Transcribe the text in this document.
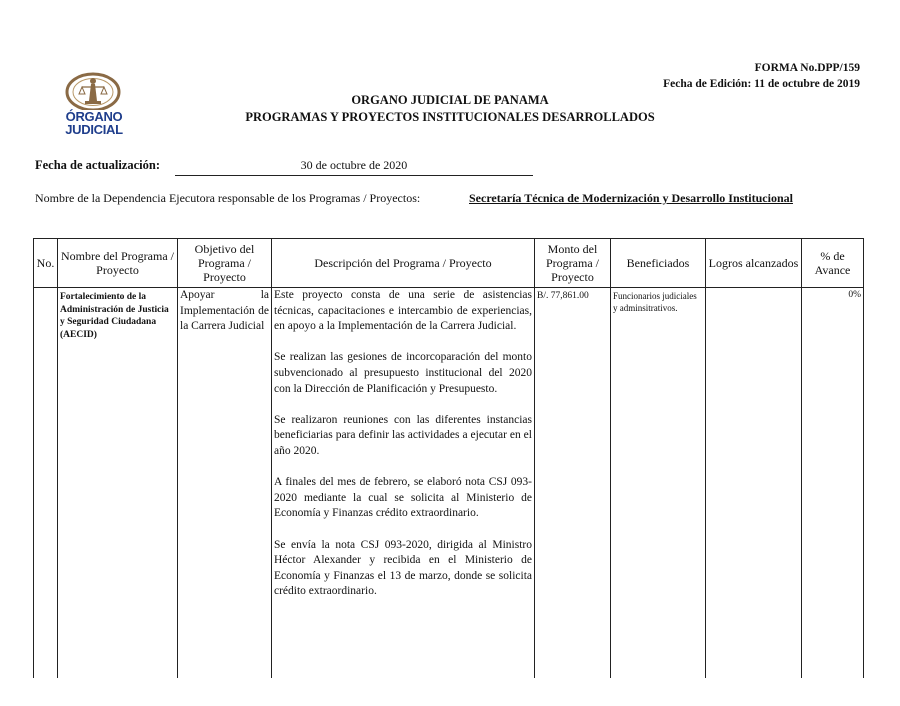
ÓRGANO
JUDICIAL
FORMA No.DPP/159
Fecha de Edición: 11 de octubre de 2019
ORGANO JUDICIAL DE PANAMA
PROGRAMAS Y PROYECTOS INSTITUCIONALES DESARROLLADOS
Fecha de actualización:	30 de octubre de 2020
Nombre de la Dependencia Ejecutora responsable de los Programas / Proyectos:	Secretaría Técnica de Modernización y Desarrollo Institucional
No.	Nombre del Programa / Proyecto	Objetivo del Programa / Proyecto	Descripción del Programa / Proyecto	Monto del Programa / Proyecto	Beneficiados	Logros alcanzados	% de Avance
	Fortalecimiento de la Administración de Justicia y Seguridad Ciudadana (AECID)	Apoyar la Implementación de la Carrera Judicial	Este proyecto consta de una serie de asistencias técnicas, capacitaciones e intercambio de experiencias, en apoyo a la Implementación de la Carrera Judicial.

Se realizan las gesiones de incorcoparación del monto subvencionado al presupuesto institucional del 2020 con la Dirección de Planificación y Presupuesto.

Se realizaron reuniones con las diferentes instancias beneficiarias para definir las actividades a ejecutar en el año 2020.

A finales del mes de febrero, se elaboró nota CSJ 093-2020 mediante la cual se solicita al Ministerio de Economía y Finanzas crédito extraordinario.

Se envía la nota CSJ 093-2020, dirigida al Ministro Héctor Alexander y recibida en el Ministerio de Economía y Finanzas el 13 de marzo, donde se solicita crédito extraordinario.	B/. 77,861.00	Funcionarios judiciales y adminsitrativos.		0%
